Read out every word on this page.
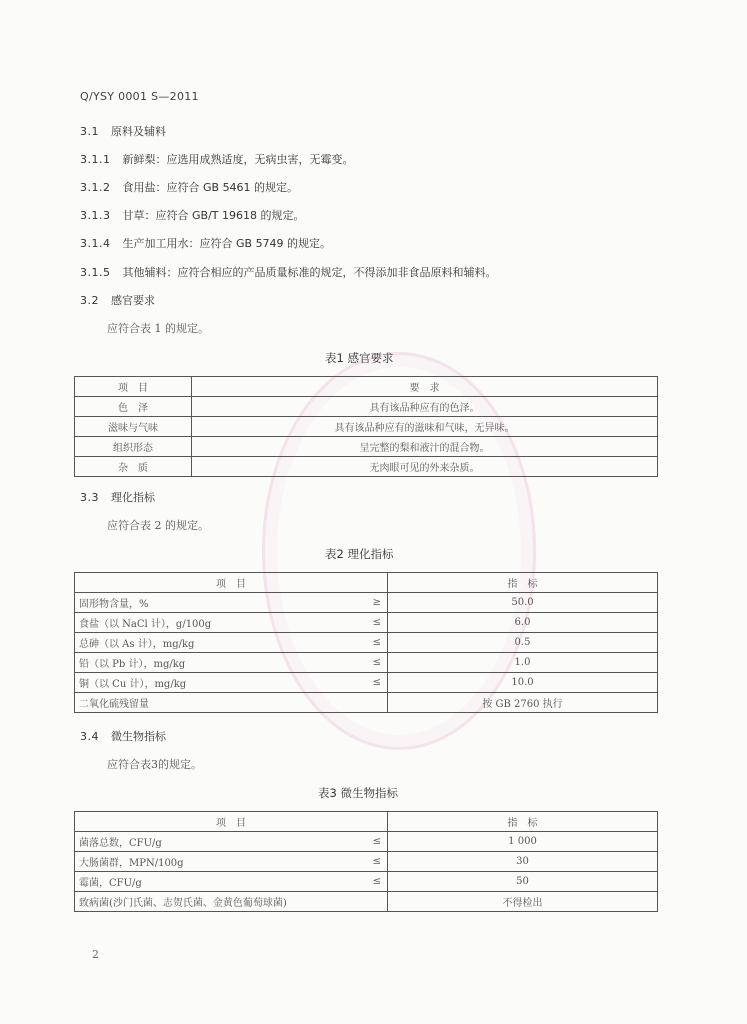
Q/YSY 0001 S—2011
3.1 原料及辅料
3.1.1 新鲜梨：应选用成熟适度，无病虫害，无霉变。
3.1.2 食用盐：应符合 GB 5461 的规定。
3.1.3 甘草：应符合 GB/T 19618 的规定。
3.1.4 生产加工用水：应符合 GB 5749 的规定。
3.1.5 其他辅料：应符合相应的产品质量标准的规定，不得添加非食品原料和辅料。
3.2 感官要求
应符合表 1 的规定。
表1 感官要求
项　目	要　求
色　泽	具有该品种应有的色泽。
滋味与气味	具有该品种应有的滋味和气味，无异味。
组织形态	呈完整的梨和液汁的混合物。
杂　质	无肉眼可见的外来杂质。
3.3 理化指标
应符合表 2 的规定。
表2 理化指标
项　目		指　标
固形物含量，%	≥	50.0
食盐（以 NaCl 计），g/100g	≤	6.0
总砷（以 As 计），mg/kg	≤	0.5
铅（以 Pb 计），mg/kg	≤	1.0
铜（以 Cu 计），mg/kg	≤	10.0
二氧化硫残留量		按 GB 2760 执行
3.4 微生物指标
应符合表3的规定。
表3 微生物指标
项　目		指　标
菌落总数，CFU/g	≤	1 000
大肠菌群，MPN/100g	≤	30
霉菌，CFU/g	≤	50
致病菌(沙门氏菌、志贺氏菌、金黄色葡萄球菌)		不得检出
2
